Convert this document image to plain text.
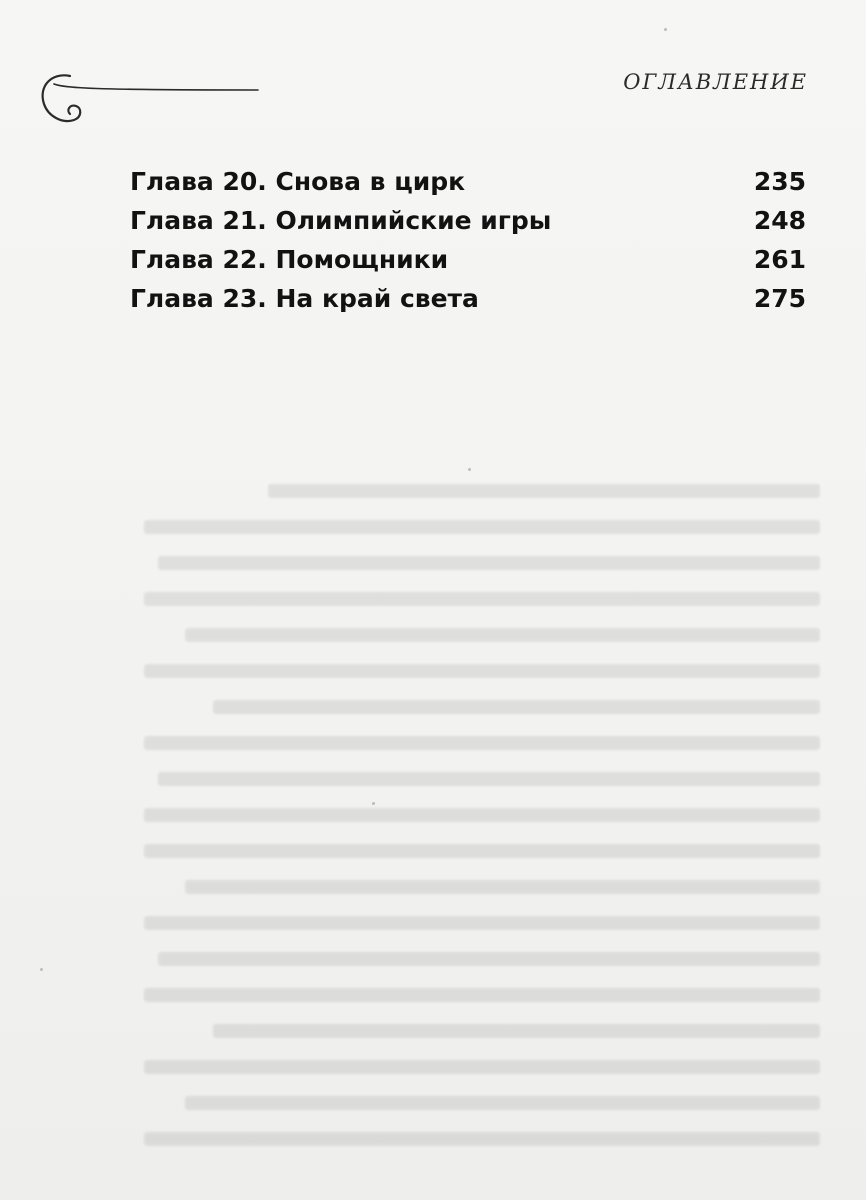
ОГЛАВЛЕНИЕ
Глава 20. Снова в цирк	235
Глава 21. Олимпийские игры	248
Глава 22. Помощники	261
Глава 23. На край света	275
